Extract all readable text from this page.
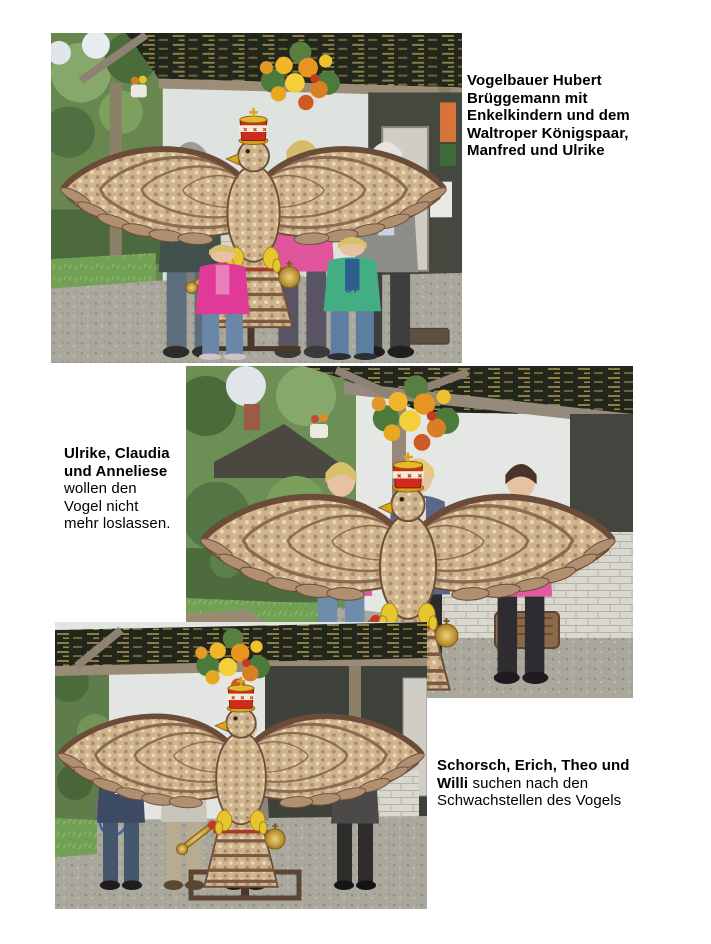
87
Vogelbauer Hubert
Brüggemann mit
Enkelkindern und dem
Waltroper Königspaar,
Manfred und Ulrike
Ulrike, Claudia
und Anneliese
wollen den
Vogel nicht
mehr loslassen.
Schorsch, Erich, Theo und
Willi suchen nach den
Schwachstellen des Vogels
